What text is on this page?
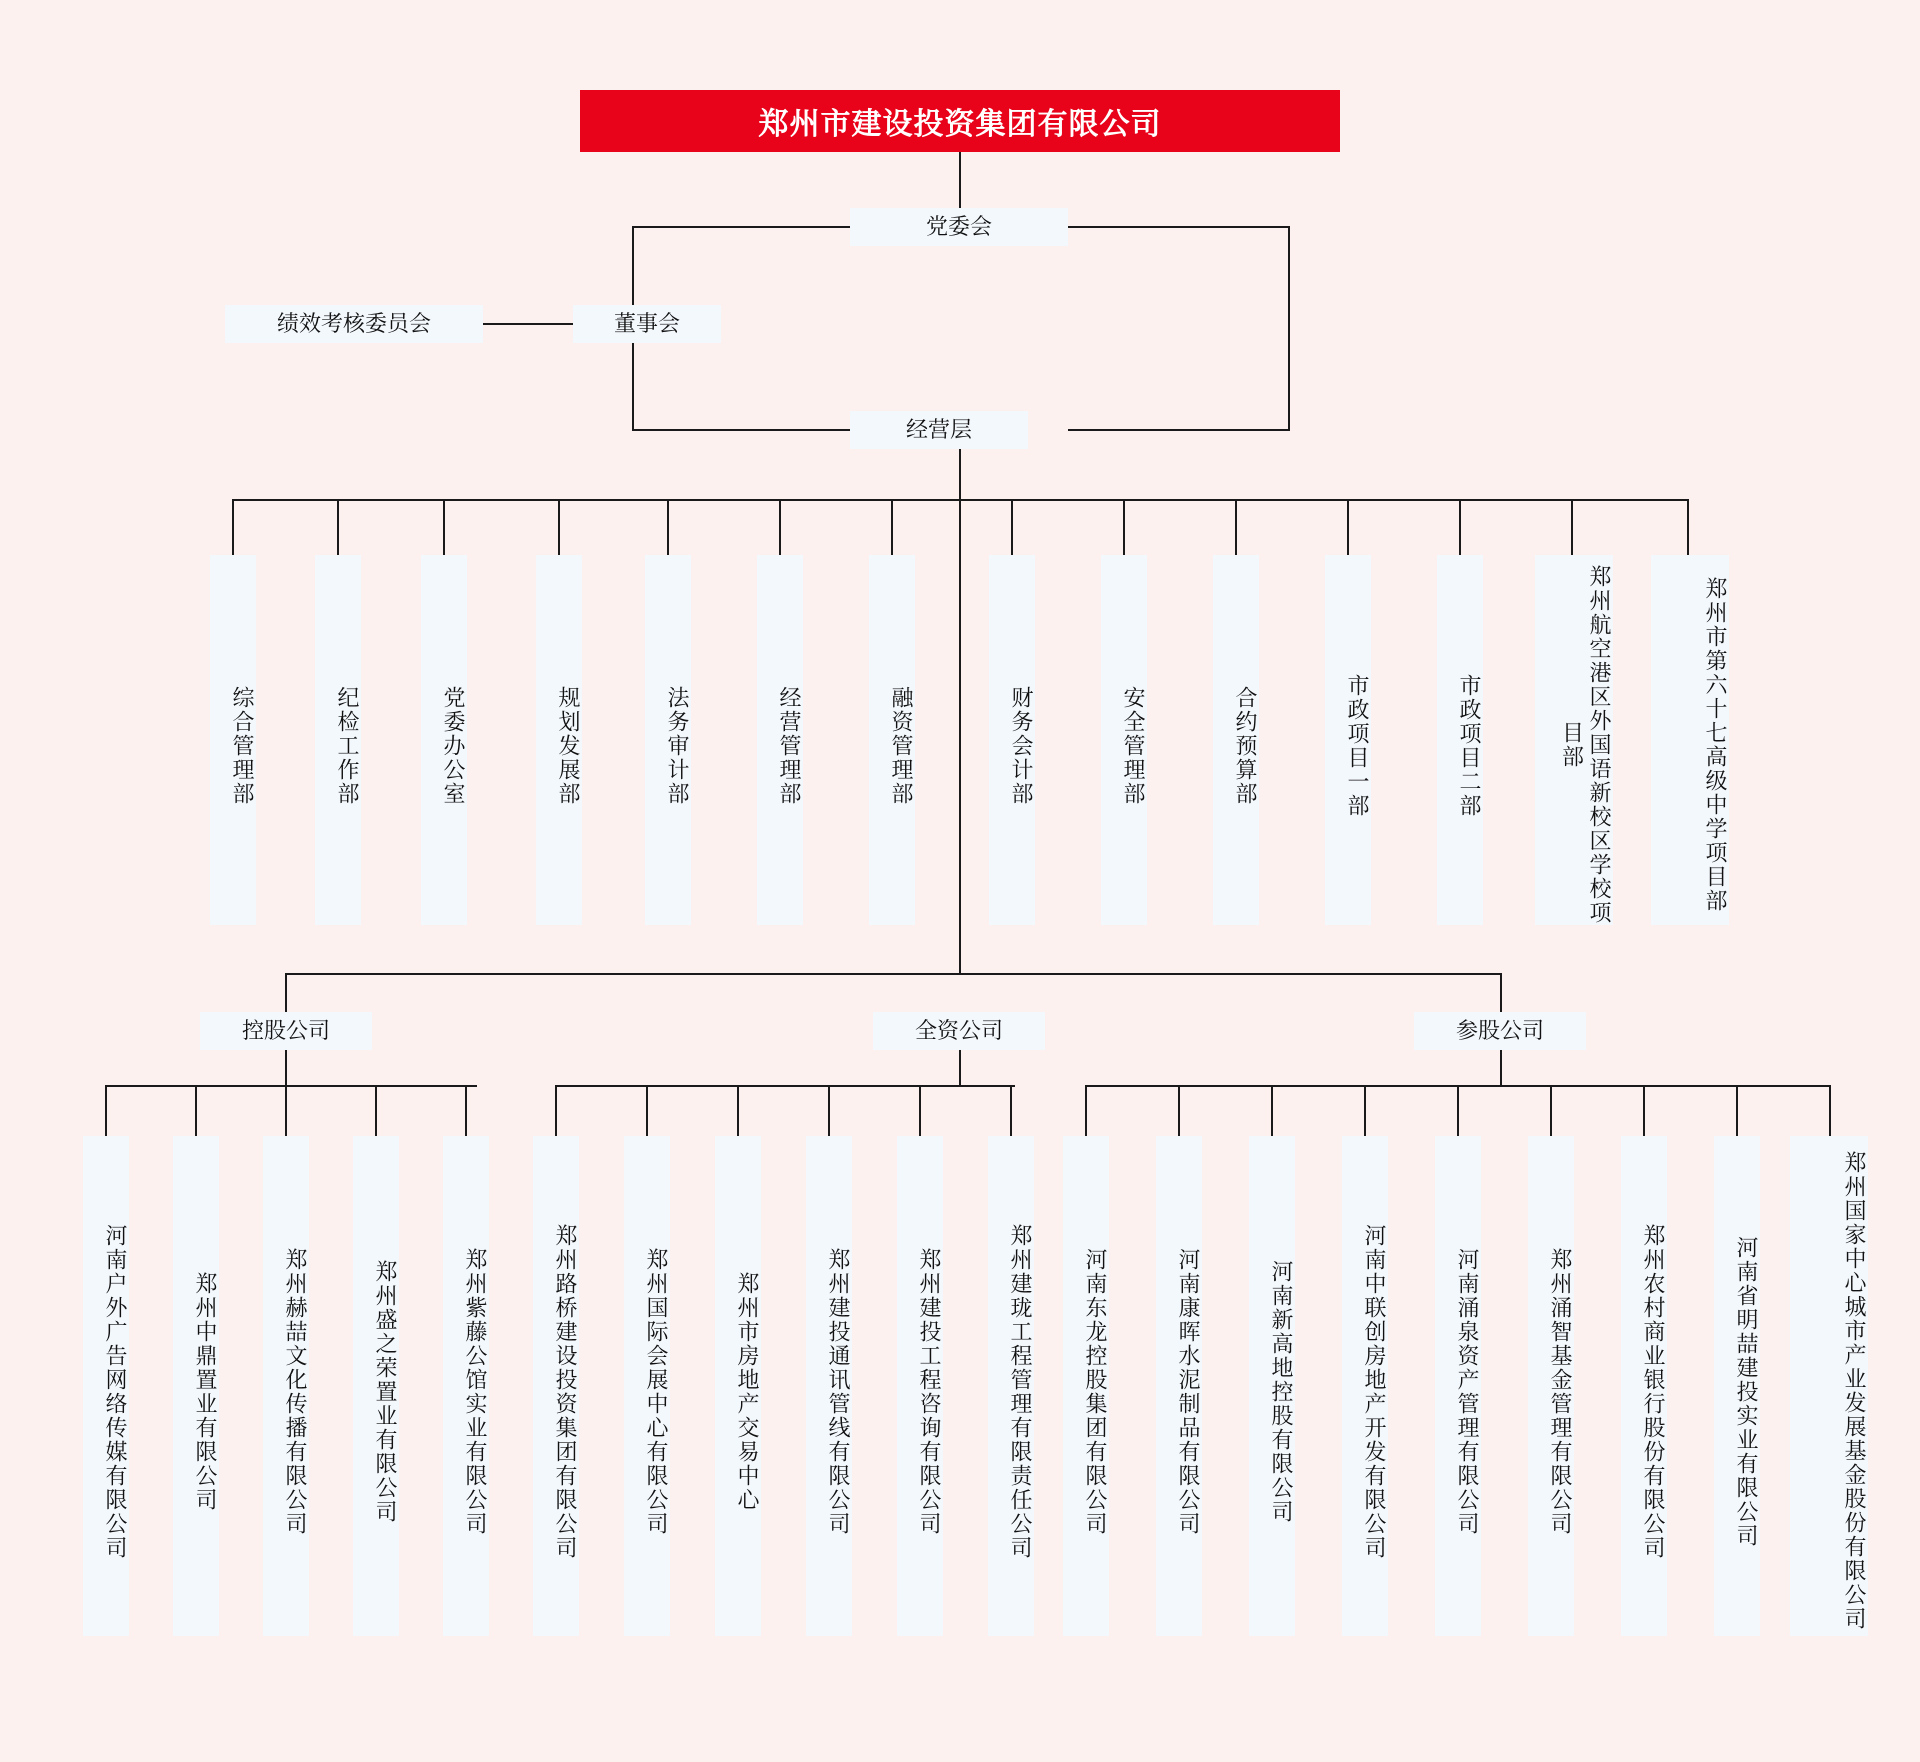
郑州市建设投资集团有限公司
党委会
绩效考核委员会	董事会
经营层
综合管理部	纪检工作部	党委办公室	规划发展部	法务审计部	经营管理部	融资管理部	财务会计部	安全管理部	合约预算部	市政项目一部	市政项目二部	郑州航空港区外国语新校区学校项目部	郑州市第六十七高级中学项目部
控股公司	全资公司	参股公司
河南户外广告网络传媒有限公司	郑州中鼎置业有限公司	郑州赫喆文化传播有限公司	郑州盛之荣置业有限公司	郑州紫藤公馆实业有限公司	郑州路桥建设投资集团有限公司	郑州国际会展中心有限公司	郑州市房地产交易中心	郑州建投通讯管线有限公司	郑州建投工程咨询有限公司	郑州建珑工程管理有限责任公司	河南东龙控股集团有限公司	河南康晖水泥制品有限公司	河南新高地控股有限公司	河南中联创房地产开发有限公司	河南涌泉资产管理有限公司	郑州涌智基金管理有限公司	郑州农村商业银行股份有限公司	河南省明喆建投实业有限公司	郑州国家中心城市产业发展基金股份有限公司
